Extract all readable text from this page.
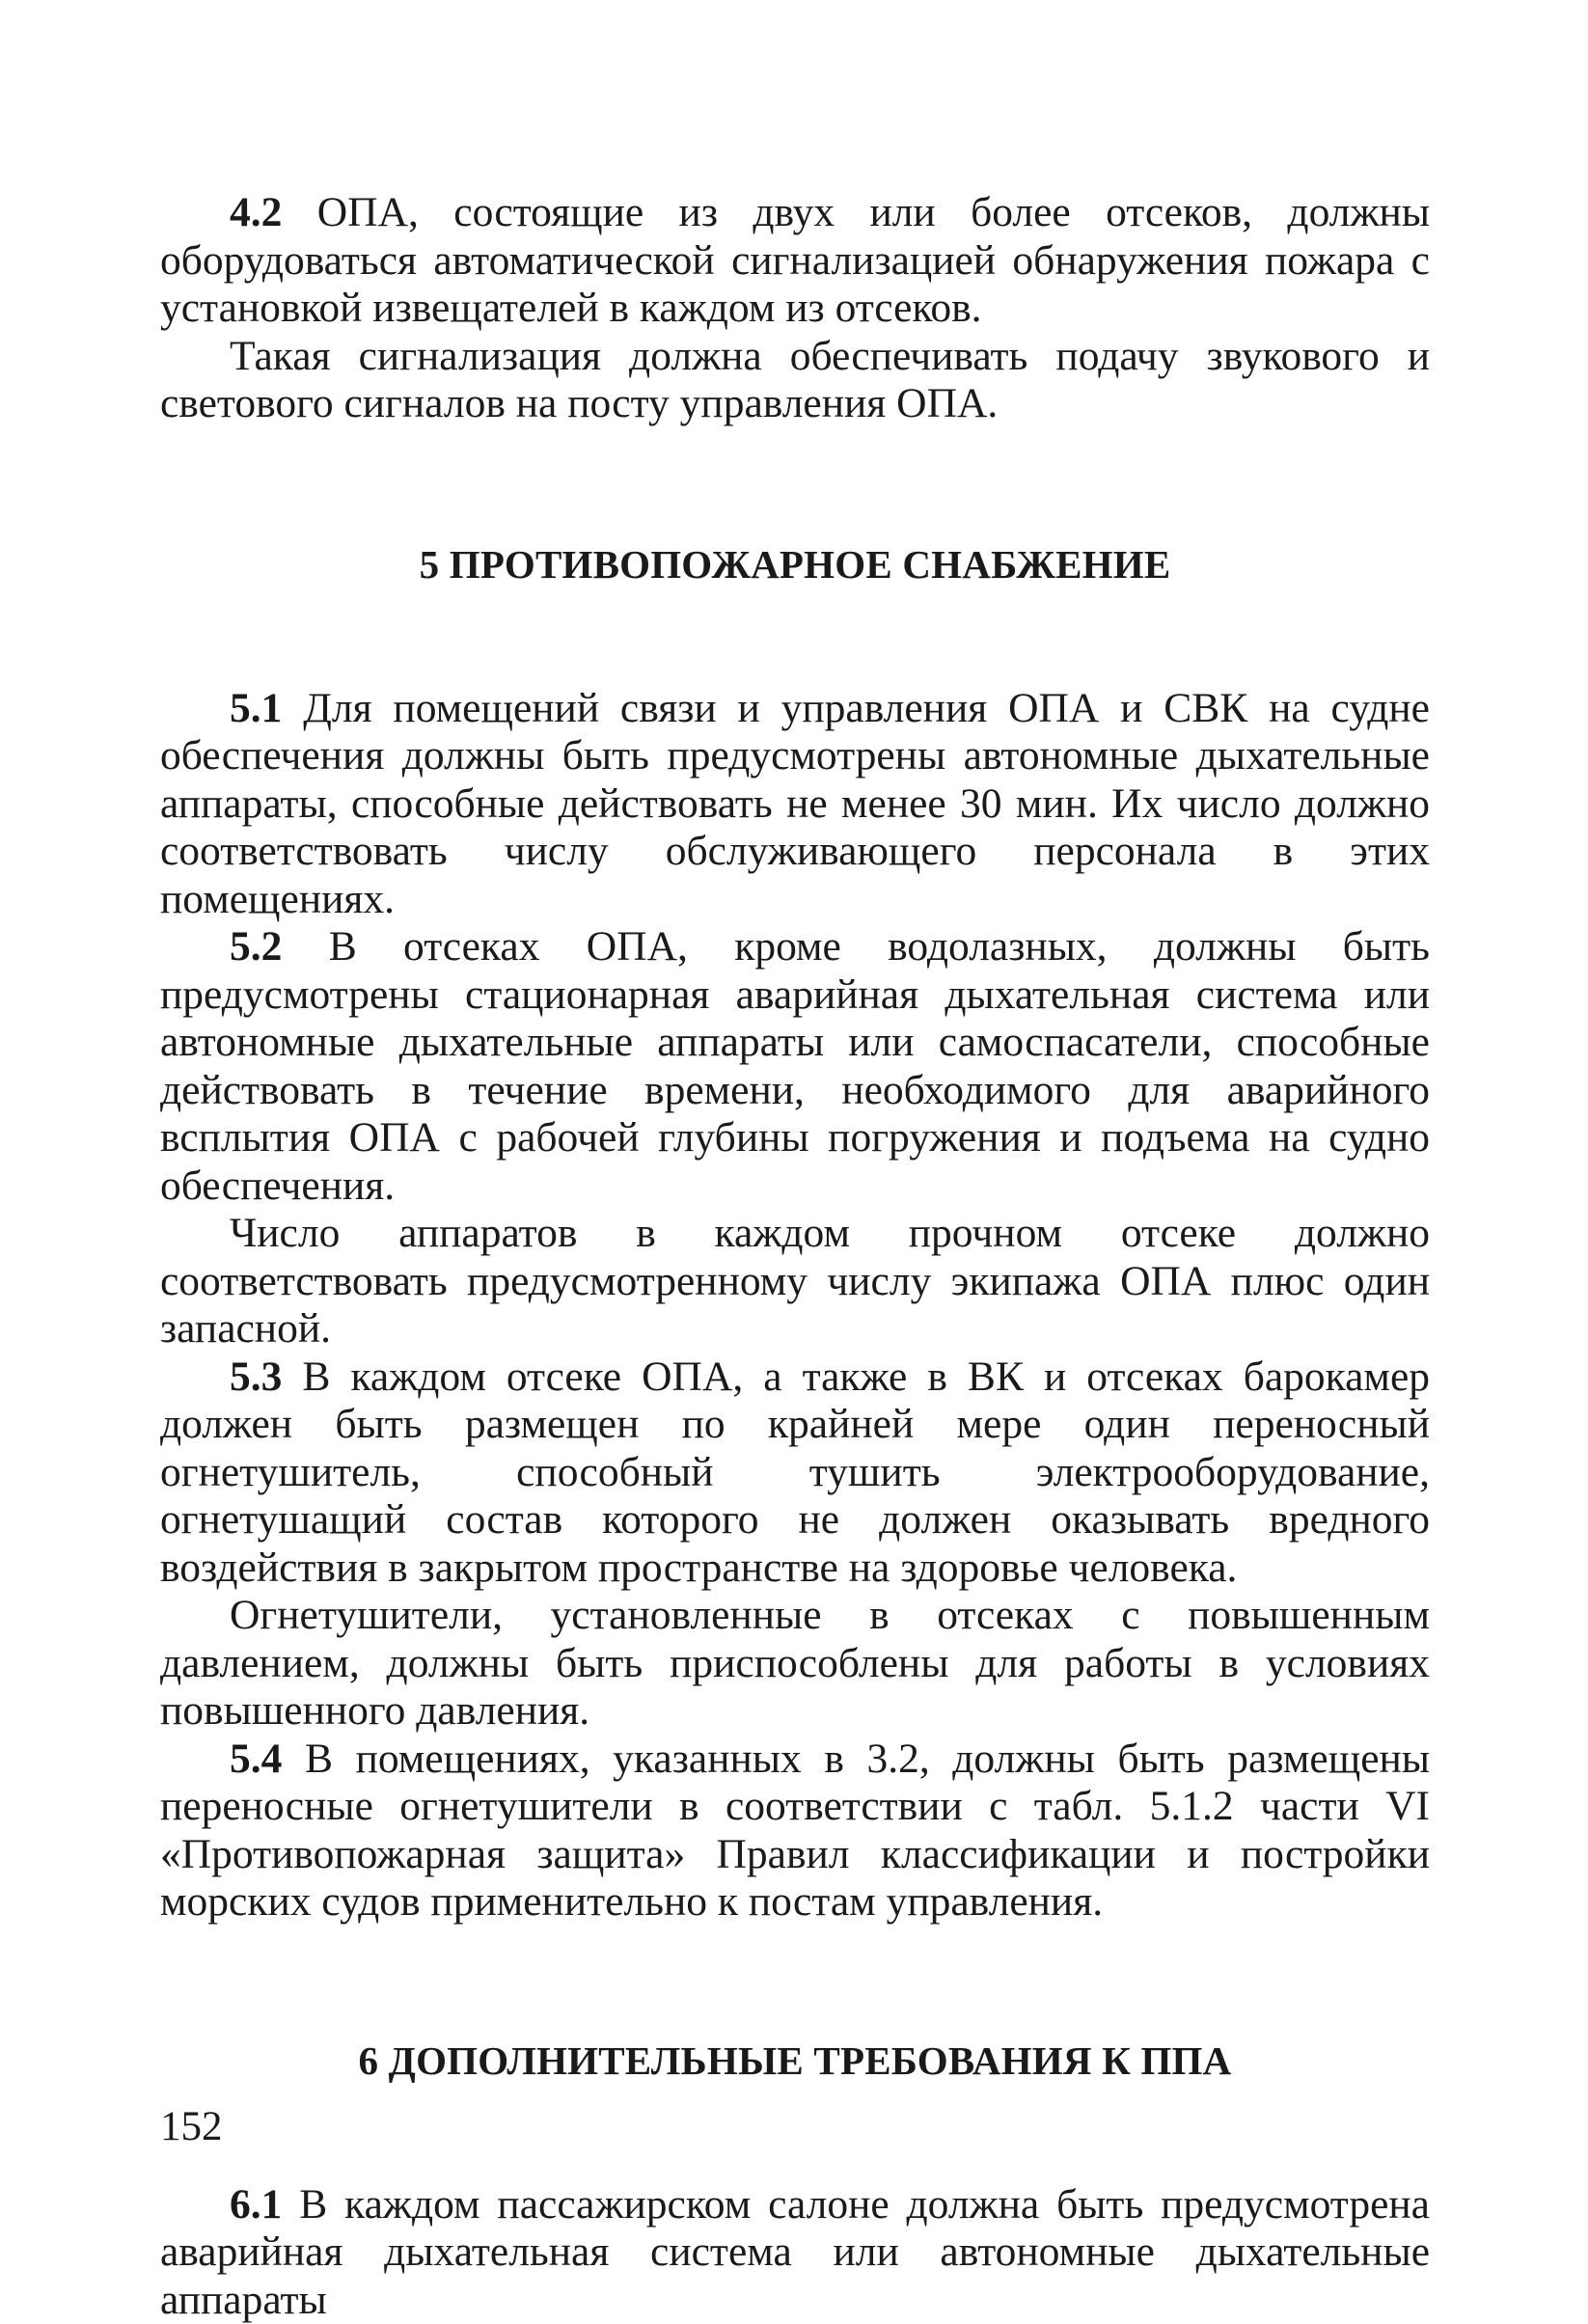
4.2 ОПА, состоящие из двух или более отсеков, должны оборудоваться автоматической сигнализацией обнаружения пожара с установкой извещателей в каждом из отсеков.

Такая сигнализация должна обеспечивать подачу звукового и светового сигналов на посту управления ОПА.

5 ПРОТИВОПОЖАРНОЕ СНАБЖЕНИЕ

5.1 Для помещений связи и управления ОПА и СВК на судне обеспечения должны быть предусмотрены автономные дыхательные аппараты, способные действовать не менее 30 мин. Их число должно соответствовать числу обслуживающего персонала в этих помещениях.

5.2 В отсеках ОПА, кроме водолазных, должны быть предусмотрены стационарная аварийная дыхательная система или автономные дыхательные аппараты или самоспасатели, способные действовать в течение времени, необходимого для аварийного всплытия ОПА с рабочей глубины погружения и подъема на судно обеспечения.

Число аппаратов в каждом прочном отсеке должно соответствовать предусмотренному числу экипажа ОПА плюс один запасной.

5.3 В каждом отсеке ОПА, а также в ВК и отсеках барокамер должен быть размещен по крайней мере один переносный огнетушитель, способный тушить электрооборудование, огнетушащий состав которого не должен оказывать вредного воздействия в закрытом пространстве на здоровье человека.

Огнетушители, установленные в отсеках с повышенным давлением, должны быть приспособлены для работы в условиях повышенного давления.

5.4 В помещениях, указанных в 3.2, должны быть размещены переносные огнетушители в соответствии с табл. 5.1.2 части VI «Противопожарная защита» Правил классификации и постройки морских судов применительно к постам управления.

6 ДОПОЛНИТЕЛЬНЫЕ ТРЕБОВАНИЯ К ППА

6.1 В каждом пассажирском салоне должна быть предусмотрена аварийная дыхательная система или автономные дыхательные аппараты

152
